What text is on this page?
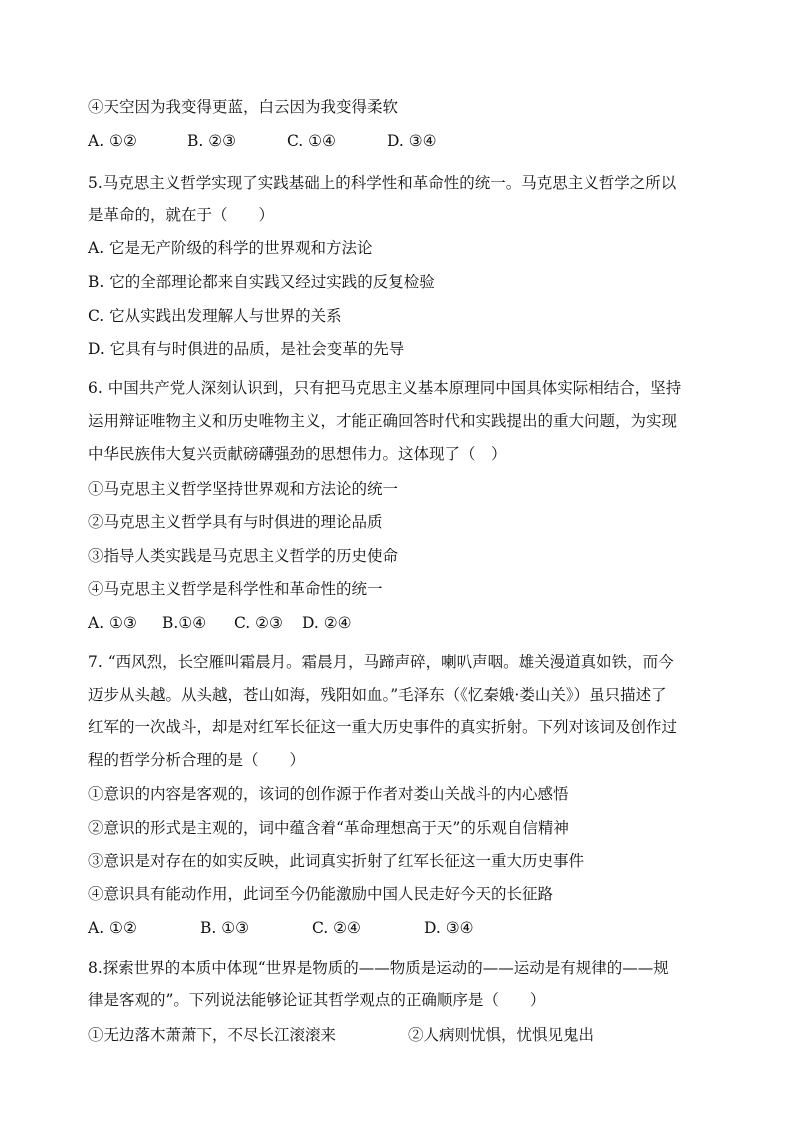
④天空因为我变得更蓝，白云因为我变得柔软
A. ①②	B. ②③	C. ①④	D. ③④
5.马克思主义哲学实现了实践基础上的科学性和革命性的统一。马克思主义哲学之所以
是革命的，就在于（　　）
A. 它是无产阶级的科学的世界观和方法论
B. 它的全部理论都来自实践又经过实践的反复检验
C. 它从实践出发理解人与世界的关系
D. 它具有与时俱进的品质，是社会变革的先导
6. 中国共产党人深刻认识到，只有把马克思主义基本原理同中国具体实际相结合，坚持
运用辩证唯物主义和历史唯物主义，才能正确回答时代和实践提出的重大问题，为实现
中华民族伟大复兴贡献磅礴强劲的思想伟力。这体现了（　）
①马克思主义哲学坚持世界观和方法论的统一
②马克思主义哲学具有与时俱进的理论品质
③指导人类实践是马克思主义哲学的历史使命
④马克思主义哲学是科学性和革命性的统一
A. ①③ B.①④ C. ②③ D. ②④
7. “西风烈，长空雁叫霜晨月。霜晨月，马蹄声碎，喇叭声咽。雄关漫道真如铁，而今
迈步从头越。从头越，苍山如海，残阳如血。”毛泽东（《忆秦娥·娄山关》）虽只描述了
红军的一次战斗，却是对红军长征这一重大历史事件的真实折射。下列对该词及创作过
程的哲学分析合理的是（　　）
①意识的内容是客观的，该词的创作源于作者对娄山关战斗的内心感悟
②意识的形式是主观的，词中蕴含着“革命理想高于天”的乐观自信精神
③意识是对存在的如实反映，此词真实折射了红军长征这一重大历史事件
④意识具有能动作用，此词至今仍能激励中国人民走好今天的长征路
A. ①②	B. ①③	C. ②④	D. ③④
8.探索世界的本质中体现“世界是物质的——物质是运动的——运动是有规律的——规
律是客观的”。下列说法能够论证其哲学观点的正确顺序是（　　）
①无边落木萧萧下，不尽长江滚滚来	②人病则忧惧，忧惧见鬼出
